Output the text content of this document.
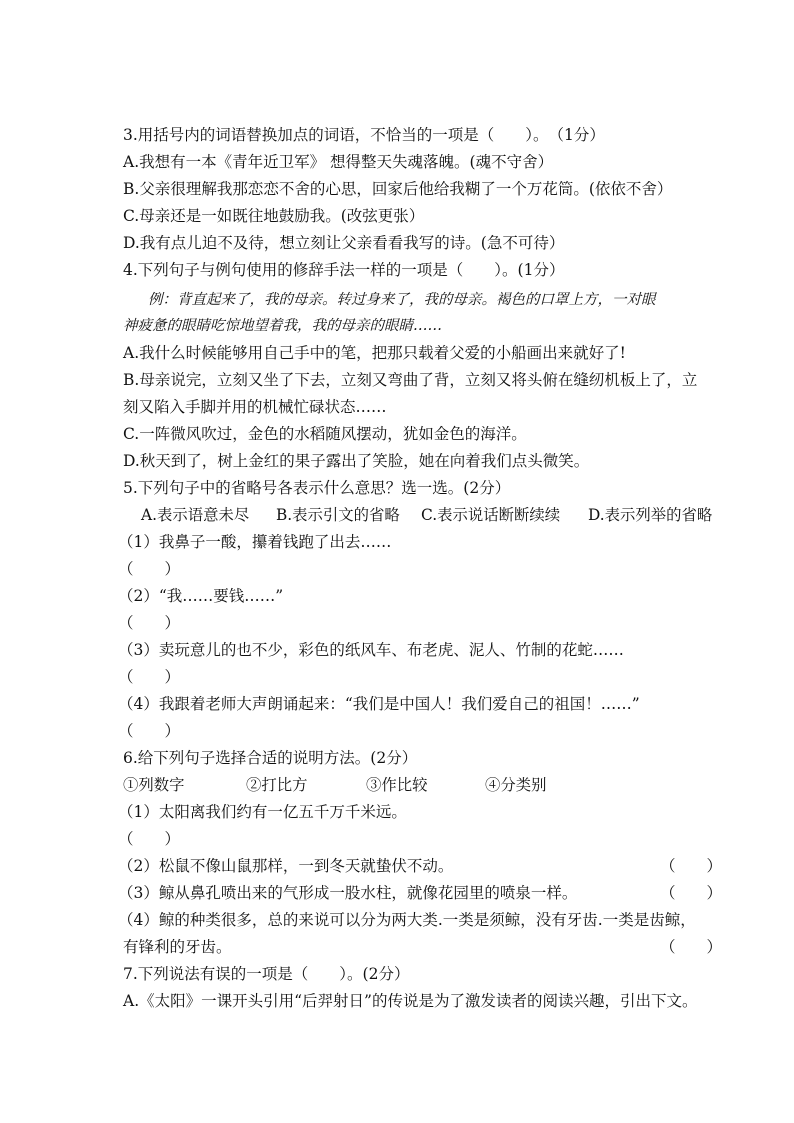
3.用括号内的词语替换加点的词语，不恰当的一项是（　　）。　（1分）
A.我想有一本《青年近卫军》 想得整天失魂落魄。(魂不守舍）
B.父亲很理解我那恋恋不舍的心思，回家后他给我糊了一个万花筒。(依依不舍）
C.母亲还是一如既往地鼓励我。(改弦更张）
D.我有点儿迫不及待，想立刻让父亲看看我写的诗。(急不可待）
4.下列句子与例句使用的修辞手法一样的一项是（　　）。(1分）
例：背直起来了，我的母亲。转过身来了，我的母亲。褐色的口罩上方，一对眼
神疲惫的眼睛吃惊地望着我，我的母亲的眼睛……
A.我什么时候能够用自己手中的笔，把那只载着父爱的小船画出来就好了!
B.母亲说完，立刻又坐了下去，立刻又弯曲了背，立刻又将头俯在缝纫机板上了，立
刻又陷入手脚并用的机械忙碌状态……
C.一阵微风吹过，金色的水稻随风摆动，犹如金色的海洋。
D.秋天到了，树上金红的果子露出了笑脸，她在向着我们点头微笑。
5.下列句子中的省略号各表示什么意思？选一选。(2分）
A.表示语意未尽 B.表示引文的省略 C.表示说话断断续续 D.表示列举的省略
（1）我鼻子一酸，攥着钱跑了出去……
（　　）
（2）“我……要钱……”
（　　）
（3）卖玩意儿的也不少，彩色的纸风车、布老虎、泥人、竹制的花蛇……
（　　）
（4）我跟着老师大声朗诵起来：“我们是中国人！我们爱自己的祖国！……”
（　　）
6.给下列句子选择合适的说明方法。(2分）
①列数字	②打比方	③作比较	④分类别
（1）太阳离我们约有一亿五千万千米远。
（　　）
（2）松鼠不像山鼠那样，一到冬天就蛰伏不动。	（　　）
（3）鲸从鼻孔喷出来的气形成一股水柱，就像花园里的喷泉一样。	（　　）
（4）鲸的种类很多，总的来说可以分为两大类.一类是须鲸，没有牙齿.一类是齿鲸，
有锋利的牙齿。	（　　）
7.下列说法有误的一项是（　　）。(2分）
A.《太阳》一课开头引用“后羿射日”的传说是为了激发读者的阅读兴趣，引出下文。
